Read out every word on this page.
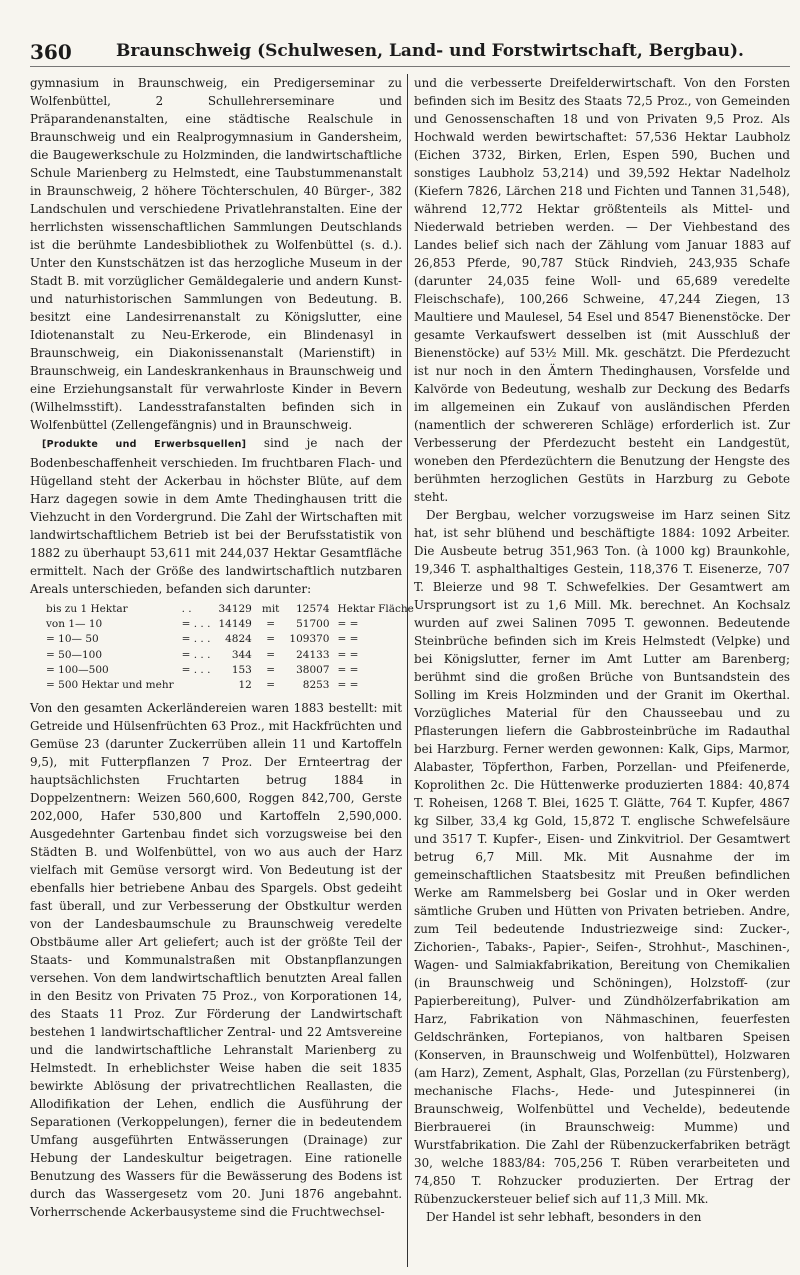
360	Braunschweig (Schulwesen, Land- und Forstwirtschaft, Bergbau).

gymnasium in Braunschweig, ein Predigerseminar zu Wolfenbüttel, 2 Schullehrerseminare und Präparandenanstalten, eine städtische Realschule in Braunschweig und ein Realprogymnasium in Gandersheim, die Baugewerkschule zu Holzminden, die landwirtschaftliche Schule Marienberg zu Helmstedt, eine Taubstummenanstalt in Braunschweig, 2 höhere Töchterschulen, 40 Bürger-, 382 Landschulen und verschiedene Privatlehranstalten. Eine der herrlichsten wissenschaftlichen Sammlungen Deutschlands ist die berühmte Landesbibliothek zu Wolfenbüttel (s. d.). Unter den Kunstschätzen ist das herzogliche Museum in der Stadt B. mit vorzüglicher Gemäldegalerie und andern Kunst- und naturhistorischen Sammlungen von Bedeutung. B. besitzt eine Landesirrenanstalt zu Königslutter, eine Idiotenanstalt zu Neu-Erkerode, ein Blindenasyl in Braunschweig, ein Diakonissenanstalt (Marienstift) in Braunschweig, ein Landeskrankenhaus in Braunschweig und eine Erziehungsanstalt für verwahrloste Kinder in Bevern (Wilhelmsstift). Landesstrafanstalten befinden sich in Wolfenbüttel (Zellengefängnis) und in Braunschweig.

[Produkte und Erwerbsquellen] sind je nach der Bodenbeschaffenheit verschieden. Im fruchtbaren Flach- und Hügelland steht der Ackerbau in höchster Blüte, auf dem Harz dagegen sowie in dem Amte Thedinghausen tritt die Viehzucht in den Vordergrund. Die Zahl der Wirtschaften mit landwirtschaftlichem Betrieb ist bei der Berufsstatistik von 1882 zu überhaupt 53,611 mit 244,037 Hektar Gesamtfläche ermittelt. Nach der Größe des landwirtschaftlich nutzbaren Areals unterschieden, befanden sich darunter:

bis zu 1 Hektar	. .	34129	mit	12574	Hektar Fläche
von 1— 10	= . . .	14149	=	51700	= =
= 10— 50	= . . .	4824	=	109370	= =
= 50—100	= . . .	344	=	24133	= =
= 100—500	= . . .	153	=	38007	= =
= 500 Hektar und mehr		12	=	8253	= =

Von den gesamten Ackerländereien waren 1883 bestellt: mit Getreide und Hülsenfrüchten 63 Proz., mit Hackfrüchten und Gemüse 23 (darunter Zuckerrüben allein 11 und Kartoffeln 9,5), mit Futterpflanzen 7 Proz. Der Ernteertrag der hauptsächlichsten Fruchtarten betrug 1884 in Doppelzentnern: Weizen 560,600, Roggen 842,700, Gerste 202,000, Hafer 530,800 und Kartoffeln 2,590,000. Ausgedehnter Gartenbau findet sich vorzugsweise bei den Städten B. und Wolfenbüttel, von wo aus auch der Harz vielfach mit Gemüse versorgt wird. Von Bedeutung ist der ebenfalls hier betriebene Anbau des Spargels. Obst gedeiht fast überall, und zur Verbesserung der Obstkultur werden von der Landesbaumschule zu Braunschweig veredelte Obstbäume aller Art geliefert; auch ist der größte Teil der Staats- und Kommunalstraßen mit Obstanpflanzungen versehen. Von dem landwirtschaftlich benutzten Areal fallen in den Besitz von Privaten 75 Proz., von Korporationen 14, des Staats 11 Proz. Zur Förderung der Landwirtschaft bestehen 1 landwirtschaftlicher Zentral- und 22 Amtsvereine und die landwirtschaftliche Lehranstalt Marienberg zu Helmstedt. In erheblichster Weise haben die seit 1835 bewirkte Ablösung der privatrechtlichen Reallasten, die Allodifikation der Lehen, endlich die Ausführung der Separationen (Verkoppelungen), ferner die in bedeutendem Umfang ausgeführten Entwässerungen (Drainage) zur Hebung der Landeskultur beigetragen. Eine rationelle Benutzung des Wassers für die Bewässerung des Bodens ist durch das Wassergesetz vom 20. Juni 1876 angebahnt. Vorherrschende Ackerbausysteme sind die Fruchtwechsel-

und die verbesserte Dreifelderwirtschaft. Von den Forsten befinden sich im Besitz des Staats 72,5 Proz., von Gemeinden und Genossenschaften 18 und von Privaten 9,5 Proz. Als Hochwald werden bewirtschaftet: 57,536 Hektar Laubholz (Eichen 3732, Birken, Erlen, Espen 590, Buchen und sonstiges Laubholz 53,214) und 39,592 Hektar Nadelholz (Kiefern 7826, Lärchen 218 und Fichten und Tannen 31,548), während 12,772 Hektar größtenteils als Mittel- und Niederwald betrieben werden. — Der Viehbestand des Landes belief sich nach der Zählung vom Januar 1883 auf 26,853 Pferde, 90,787 Stück Rindvieh, 243,935 Schafe (darunter 24,035 feine Woll- und 65,689 veredelte Fleischschafe), 100,266 Schweine, 47,244 Ziegen, 13 Maultiere und Maulesel, 54 Esel und 8547 Bienenstöcke. Der gesamte Verkaufswert desselben ist (mit Ausschluß der Bienenstöcke) auf 53½ Mill. Mk. geschätzt. Die Pferdezucht ist nur noch in den Ämtern Thedinghausen, Vorsfelde und Kalvörde von Bedeutung, weshalb zur Deckung des Bedarfs im allgemeinen ein Zukauf von ausländischen Pferden (namentlich der schwereren Schläge) erforderlich ist. Zur Verbesserung der Pferdezucht besteht ein Landgestüt, woneben den Pferdezüchtern die Benutzung der Hengste des berühmten herzoglichen Gestüts in Harzburg zu Gebote steht.

Der Bergbau, welcher vorzugsweise im Harz seinen Sitz hat, ist sehr blühend und beschäftigte 1884: 1092 Arbeiter. Die Ausbeute betrug 351,963 Ton. (à 1000 kg) Braunkohle, 19,346 T. asphalthaltiges Gestein, 118,376 T. Eisenerze, 707 T. Bleierze und 98 T. Schwefelkies. Der Gesamtwert am Ursprungsort ist zu 1,6 Mill. Mk. berechnet. An Kochsalz wurden auf zwei Salinen 7095 T. gewonnen. Bedeutende Steinbrüche befinden sich im Kreis Helmstedt (Velpke) und bei Königslutter, ferner im Amt Lutter am Barenberg; berühmt sind die großen Brüche von Buntsandstein des Solling im Kreis Holzminden und der Granit im Okerthal. Vorzügliches Material für den Chausseebau und zu Pflasterungen liefern die Gabbrosteinbrüche im Radauthal bei Harzburg. Ferner werden gewonnen: Kalk, Gips, Marmor, Alabaster, Töpferthon, Farben, Porzellan- und Pfeifenerde, Koprolithen 2c. Die Hüttenwerke produzierten 1884: 40,874 T. Roheisen, 1268 T. Blei, 1625 T. Glätte, 764 T. Kupfer, 4867 kg Silber, 33,4 kg Gold, 15,872 T. englische Schwefelsäure und 3517 T. Kupfer-, Eisen- und Zinkvitriol. Der Gesamtwert betrug 6,7 Mill. Mk. Mit Ausnahme der im gemeinschaftlichen Staatsbesitz mit Preußen befindlichen Werke am Rammelsberg bei Goslar und in Oker werden sämtliche Gruben und Hütten von Privaten betrieben. Andre, zum Teil bedeutende Industriezweige sind: Zucker-, Zichorien-, Tabaks-, Papier-, Seifen-, Strohhut-, Maschinen-, Wagen- und Salmiakfabrikation, Bereitung von Chemikalien (in Braunschweig und Schöningen), Holzstoff- (zur Papierbereitung), Pulver- und Zündhölzerfabrikation am Harz, Fabrikation von Nähmaschinen, feuerfesten Geldschränken, Fortepianos, von haltbaren Speisen (Konserven, in Braunschweig und Wolfenbüttel), Holzwaren (am Harz), Zement, Asphalt, Glas, Porzellan (zu Fürstenberg), mechanische Flachs-, Hede- und Jutespinnerei (in Braunschweig, Wolfenbüttel und Vechelde), bedeutende Bierbrauerei (in Braunschweig: Mumme) und Wurstfabrikation. Die Zahl der Rübenzuckerfabriken beträgt 30, welche 1883/84: 705,256 T. Rüben verarbeiteten und 74,850 T. Rohzucker produzierten. Der Ertrag der Rübenzuckersteuer belief sich auf 11,3 Mill. Mk.

Der Handel ist sehr lebhaft, besonders in den
